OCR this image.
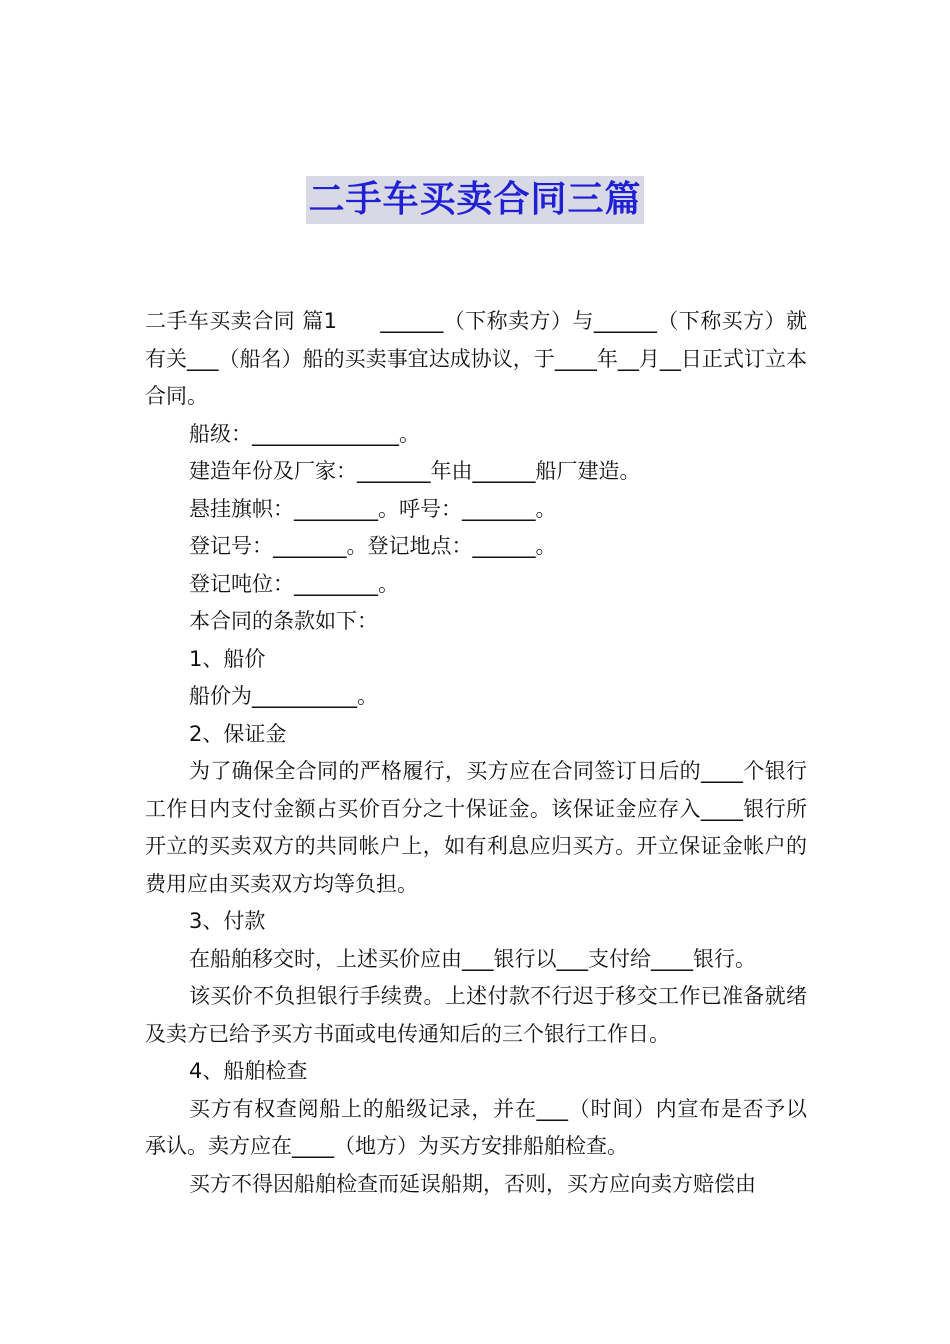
二手车买卖合同三篇

二手车买卖合同 篇1　　______（下称卖方）与______（下称买方）就有关___（船名）船的买卖事宜达成协议，于____年__月__日正式订立本合同。

船级：______________。

建造年份及厂家：_______年由______船厂建造。

悬挂旗帜：________。呼号：_______。

登记号：_______。登记地点：______。

登记吨位：________。

本合同的条款如下：

1、船价

船价为__________。

2、保证金

为了确保全合同的严格履行，买方应在合同签订日后的____个银行工作日内支付金额占买价百分之十保证金。该保证金应存入____银行所开立的买卖双方的共同帐户上，如有利息应归买方。开立保证金帐户的费用应由买卖双方均等负担。

3、付款

在船舶移交时，上述买价应由___银行以___支付给____银行。

该买价不负担银行手续费。上述付款不行迟于移交工作已准备就绪及卖方已给予买方书面或电传通知后的三个银行工作日。

4、船舶检查

买方有权查阅船上的船级记录，并在___（时间）内宣布是否予以承认。卖方应在____（地方）为买方安排船舶检查。

买方不得因船舶检查而延误船期，否则，买方应向卖方赔偿由
